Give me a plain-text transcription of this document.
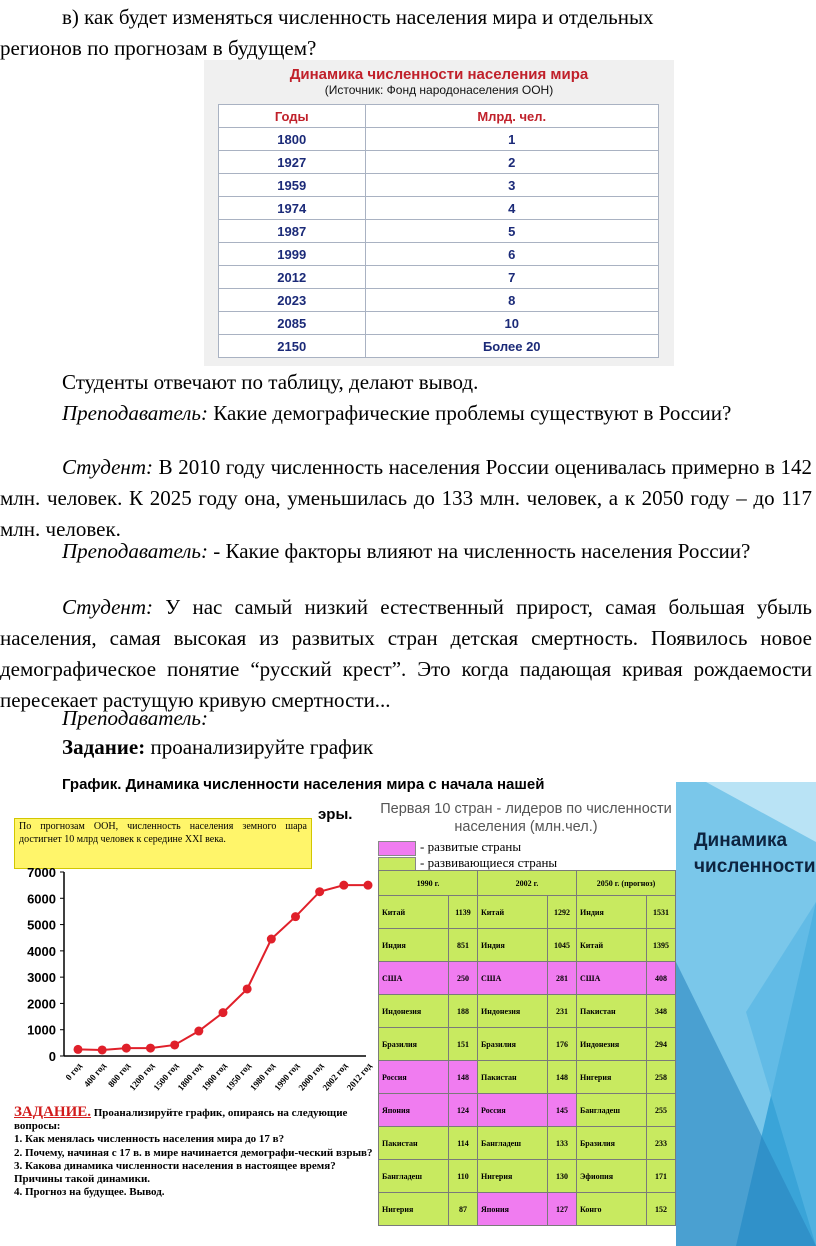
в) как будет изменяться численность населения мира и отдельных
регионов по прогнозам в будущем?
Динамика численности населения мира
(Источник: Фонд народонаселения ООН)
Годы	Млрд. чел.
1800	1
1927	2
1959	3
1974	4
1987	5
1999	6
2012	7
2023	8
2085	10
2150	Более 20
Студенты отвечают по таблицу, делают вывод.
Преподаватель: Какие демографические проблемы существуют в России?
Студент: В 2010 году численность населения России оценивалась примерно в 142 млн. человек. К 2025 году она, уменьшилась до 133 млн. человек, а к 2050 году – до 117 млн. человек.
Преподаватель: - Какие факторы влияют на численность населения России?
Студент: У нас самый низкий естественный прирост, самая большая убыль населения, самая высокая из развитых стран детская смертность. Появилось новое демографическое понятие “русский крест”. Это когда падающая кривая рождаемости пересекает растущую кривую смертности...
Преподаватель:
Задание: проанализируйте график
График. Динамика численности населения мира с начала нашей
эры.
По прогнозам ООН, численность населения земного шара достигнет 10 млрд человек к середине XXI века.
0
1000
2000
3000
4000
5000
6000
7000
0 год
400 год
800 год
1200 год
1500 год
1800 год
1900 год
1950 год
1980 год
1990 год
2000 год
2002 год
2012 год
ЗАДАНИЕ. Проанализируйте график, опираясь на следующие вопросы:
1. Как менялась численность населения мира до 17 в?
2. Почему, начиная с 17 в. в мире начинается демографи-ческий взрыв?
3. Какова динамика численности населения в настоящее время? Причины такой динамики.
4. Прогноз на будущее. Вывод.
Первая 10 стран - лидеров по численности населения (млн.чел.)
- развитые страны
- развивающиеся страны
1990 г.		2002 г.		2050 г. (прогноз)	
Китай	1139	Китай	1292	Индия	1531
Индия	851	Индия	1045	Китай	1395
США	250	США	281	США	408
Индонезия	188	Индонезия	231	Пакистан	348
Бразилия	151	Бразилия	176	Индонезия	294
Россия	148	Пакистан	148	Нигерия	258
Япония	124	Россия	145	Бангладеш	255
Пакистан	114	Бангладеш	133	Бразилия	233
Бангладеш	110	Нигерия	130	Эфиопия	171
Нигерия	87	Япония	127	Конго	152
Динамика
численности
